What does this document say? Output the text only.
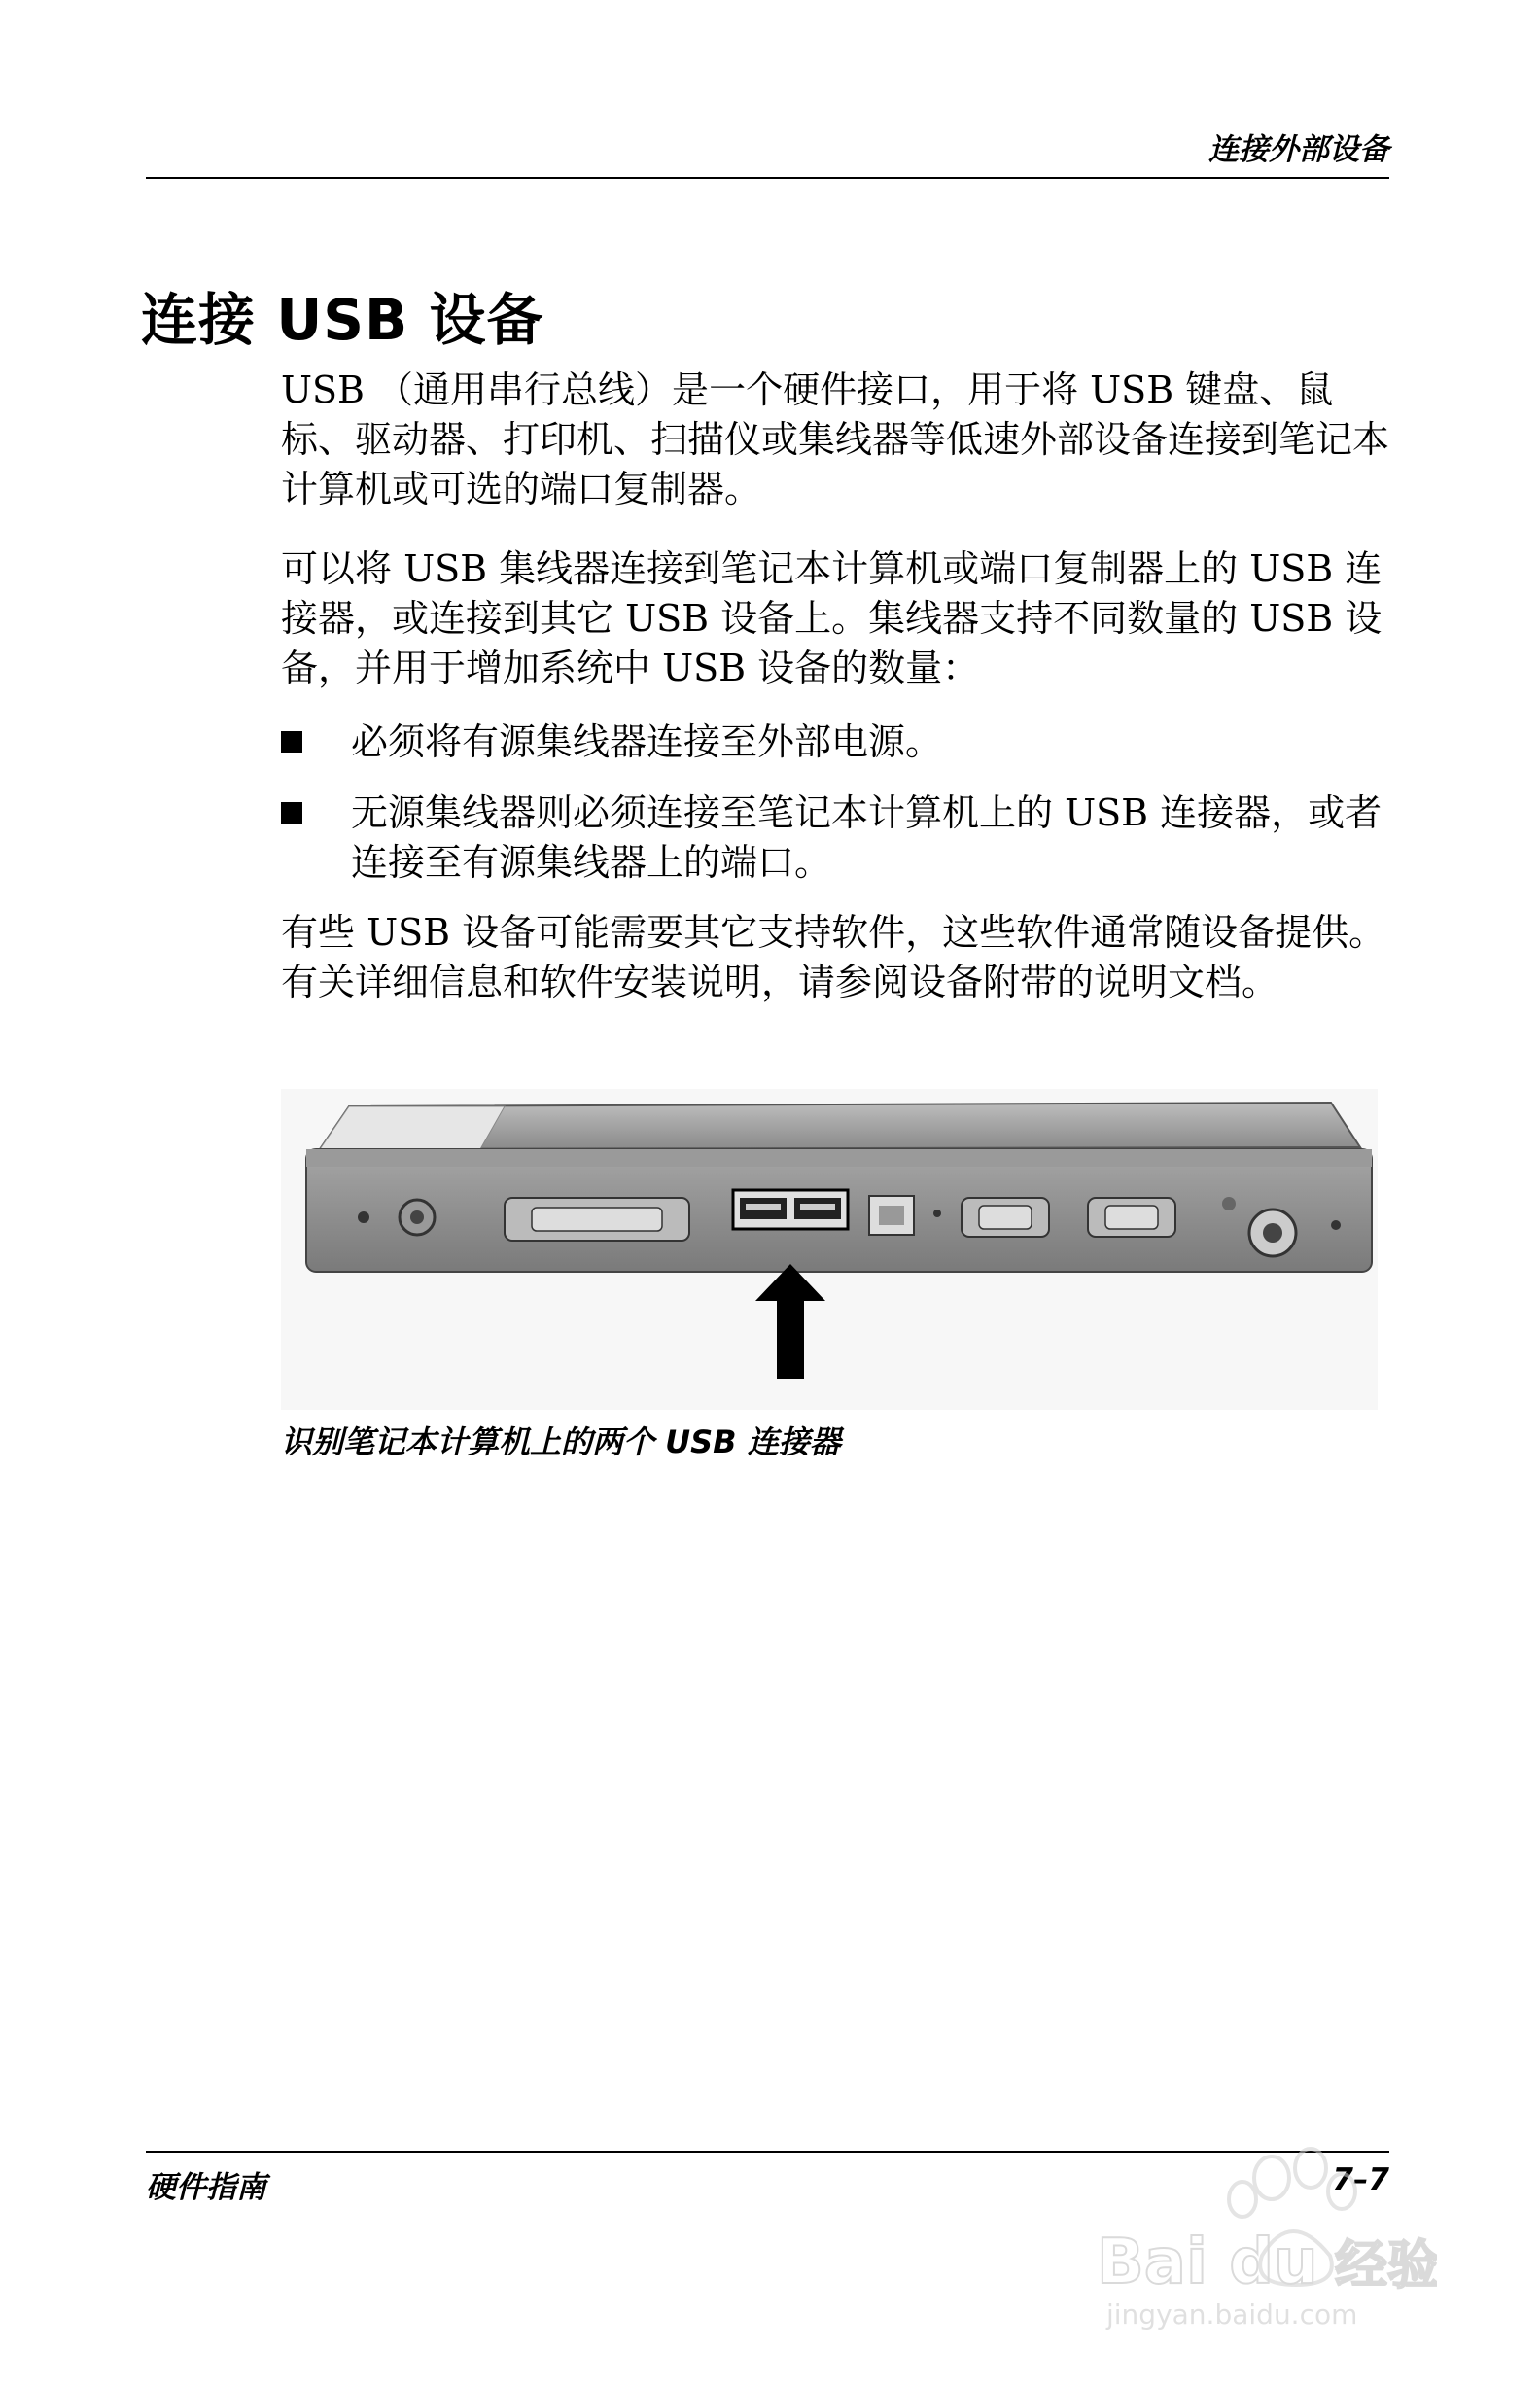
连接外部设备
连接 USB 设备
USB （通用串行总线）是一个硬件接口，用于将 USB 键盘、鼠标、驱动器、打印机、扫描仪或集线器等低速外部设备连接到笔记本计算机或可选的端口复制器。
可以将 USB 集线器连接到笔记本计算机或端口复制器上的 USB 连接器，或连接到其它 USB 设备上。集线器支持不同数量的 USB 设备，并用于增加系统中 USB 设备的数量：
必须将有源集线器连接至外部电源。
无源集线器则必须连接至笔记本计算机上的 USB 连接器，或者连接至有源集线器上的端口。
有些 USB 设备可能需要其它支持软件，这些软件通常随设备提供。有关详细信息和软件安装说明，请参阅设备附带的说明文档。
识别笔记本计算机上的两个 USB 连接器
硬件指南	7–7
Bai du 经验
jingyan.baidu.com
